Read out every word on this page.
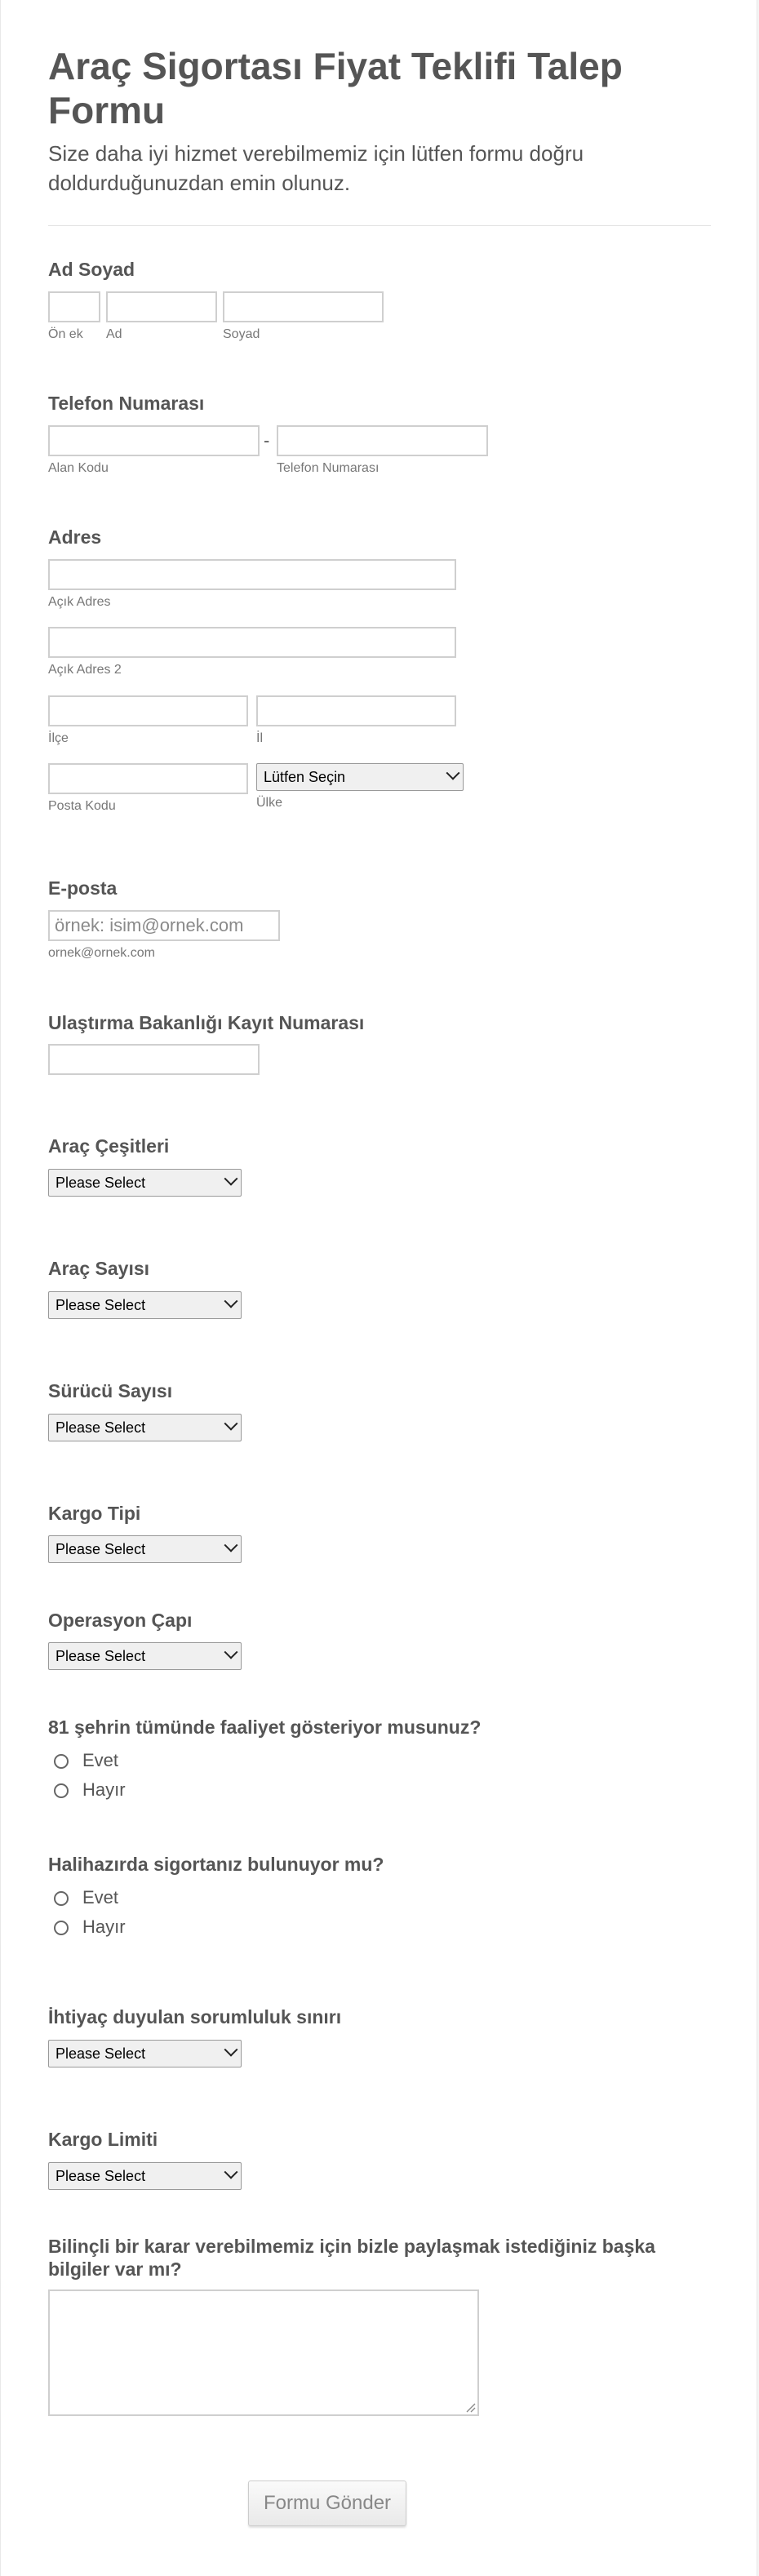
Araç Sigortası Fiyat Teklifi Talep Formu
Size daha iyi hizmet verebilmemiz için lütfen formu doğru doldurduğunuzdan emin olunuz.
Ad Soyad
Ön ek Ad	Soyad
Telefon Numarası
-
Alan Kodu	Telefon Numarası
Adres
Açık Adres
Açık Adres 2
İlçe	İl
Lütfen Seçin
Posta Kodu	Ülke
E-posta
örnek: isim@ornek.com
ornek@ornek.com
Ulaştırma Bakanlığı Kayıt Numarası
Araç Çeşitleri
Please Select
Araç Sayısı
Please Select
Sürücü Sayısı
Please Select
Kargo Tipi
Please Select
Operasyon Çapı
Please Select
81 şehrin tümünde faaliyet gösteriyor musunuz?
Evet
Hayır
Halihazırda sigortanız bulunuyor mu?
Evet
Hayır
İhtiyaç duyulan sorumluluk sınırı
Please Select
Kargo Limiti
Please Select
Bilinçli bir karar verebilmemiz için bizle paylaşmak istediğiniz başka bilgiler var mı?
Formu Gönder
